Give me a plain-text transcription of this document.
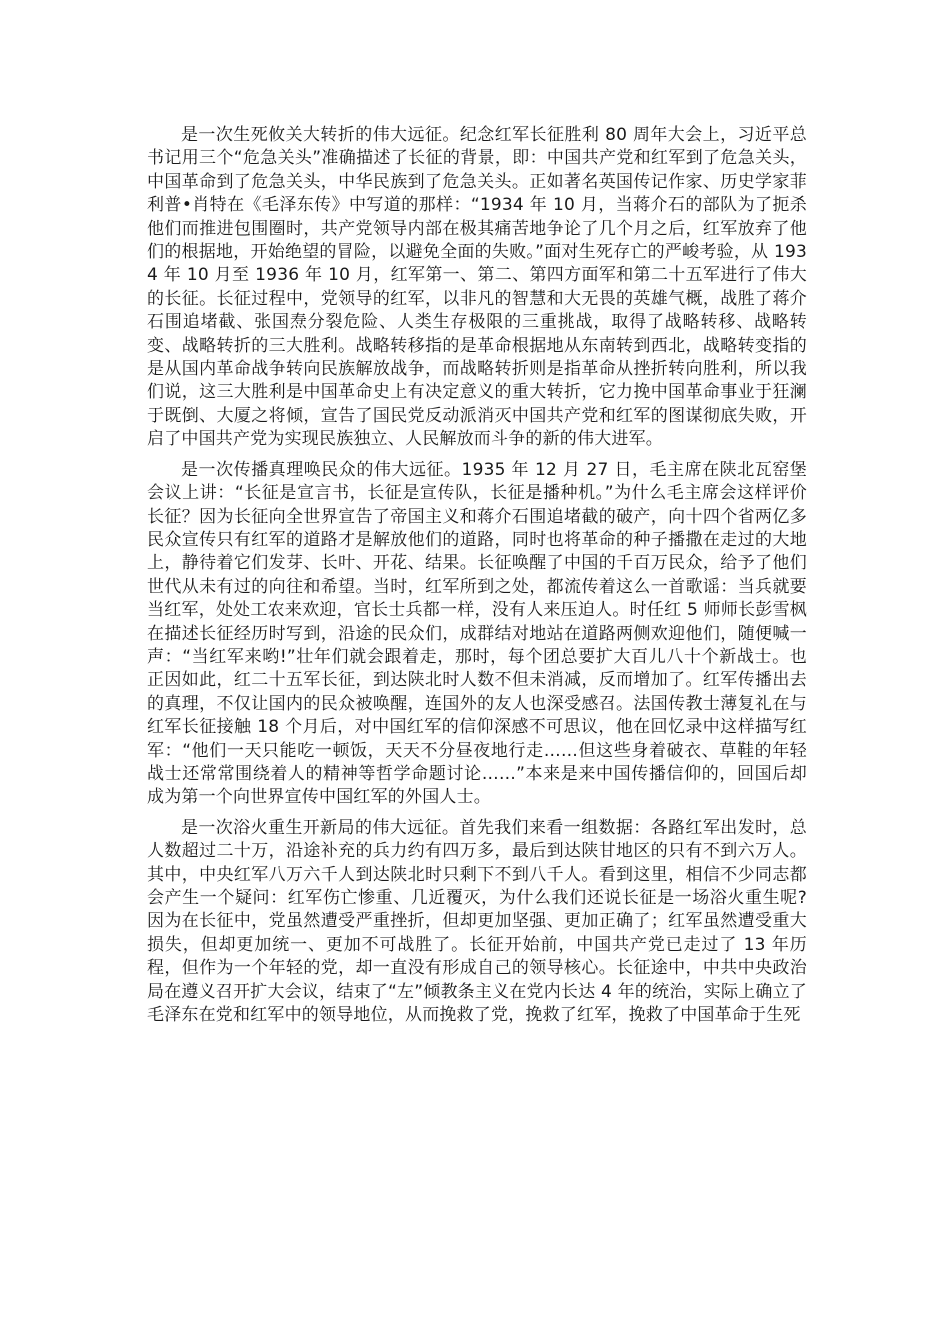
是一次生死攸关大转折的伟大远征。纪念红军长征胜利 80 周年大会上，习近平总书记用三个“危急关头”准确描述了长征的背景，即：中国共产党和红军到了危急关头，中国革命到了危急关头，中华民族到了危急关头。正如著名英国传记作家、历史学家菲利普•肖特在《毛泽东传》中写道的那样：“1934 年 10 月，当蒋介石的部队为了扼杀他们而推进包围圈时，共产党领导内部在极其痛苦地争论了几个月之后，红军放弃了他们的根据地，开始绝望的冒险，以避免全面的失败。”面对生死存亡的严峻考验，从 1934 年 10 月至 1936 年 10 月，红军第一、第二、第四方面军和第二十五军进行了伟大的长征。长征过程中，党领导的红军，以非凡的智慧和大无畏的英雄气概，战胜了蒋介石围追堵截、张国焘分裂危险、人类生存极限的三重挑战，取得了战略转移、战略转变、战略转折的三大胜利。战略转移指的是革命根据地从东南转到西北，战略转变指的是从国内革命战争转向民族解放战争，而战略转折则是指革命从挫折转向胜利，所以我们说，这三大胜利是中国革命史上有决定意义的重大转折，它力挽中国革命事业于狂澜于既倒、大厦之将倾，宣告了国民党反动派消灭中国共产党和红军的图谋彻底失败，开启了中国共产党为实现民族独立、人民解放而斗争的新的伟大进军。

是一次传播真理唤民众的伟大远征。1935 年 12 月 27 日，毛主席在陕北瓦窑堡会议上讲：“长征是宣言书，长征是宣传队，长征是播种机。”为什么毛主席会这样评价长征？因为长征向全世界宣告了帝国主义和蒋介石围追堵截的破产，向十四个省两亿多民众宣传只有红军的道路才是解放他们的道路，同时也将革命的种子播撒在走过的大地上，静待着它们发芽、长叶、开花、结果。长征唤醒了中国的千百万民众，给予了他们世代从未有过的向往和希望。当时，红军所到之处，都流传着这么一首歌谣：当兵就要当红军，处处工农来欢迎，官长士兵都一样，没有人来压迫人。时任红 5 师师长彭雪枫在描述长征经历时写到，沿途的民众们，成群结对地站在道路两侧欢迎他们，随便喊一声：“当红军来哟!”壮年们就会跟着走，那时，每个团总要扩大百儿八十个新战士。也正因如此，红二十五军长征，到达陕北时人数不但未消减，反而增加了。红军传播出去的真理，不仅让国内的民众被唤醒，连国外的友人也深受感召。法国传教士薄复礼在与红军长征接触 18 个月后，对中国红军的信仰深感不可思议，他在回忆录中这样描写红军：“他们一天只能吃一顿饭，天天不分昼夜地行走……但这些身着破衣、草鞋的年轻战士还常常围绕着人的精神等哲学命题讨论……”本来是来中国传播信仰的，回国后却成为第一个向世界宣传中国红军的外国人士。

是一次浴火重生开新局的伟大远征。首先我们来看一组数据：各路红军出发时，总人数超过二十万，沿途补充的兵力约有四万多，最后到达陕甘地区的只有不到六万人。其中，中央红军八万六千人到达陕北时只剩下不到八千人。看到这里，相信不少同志都会产生一个疑问：红军伤亡惨重、几近覆灭，为什么我们还说长征是一场浴火重生呢?因为在长征中，党虽然遭受严重挫折，但却更加坚强、更加正确了；红军虽然遭受重大损失，但却更加统一、更加不可战胜了。长征开始前，中国共产党已走过了 13 年历程，但作为一个年轻的党，却一直没有形成自己的领导核心。长征途中，中共中央政治局在遵义召开扩大会议，结束了“左”倾教条主义在党内长达 4 年的统治，实际上确立了毛泽东在党和红军中的领导地位，从而挽救了党，挽救了红军，挽救了中国革命于生死
